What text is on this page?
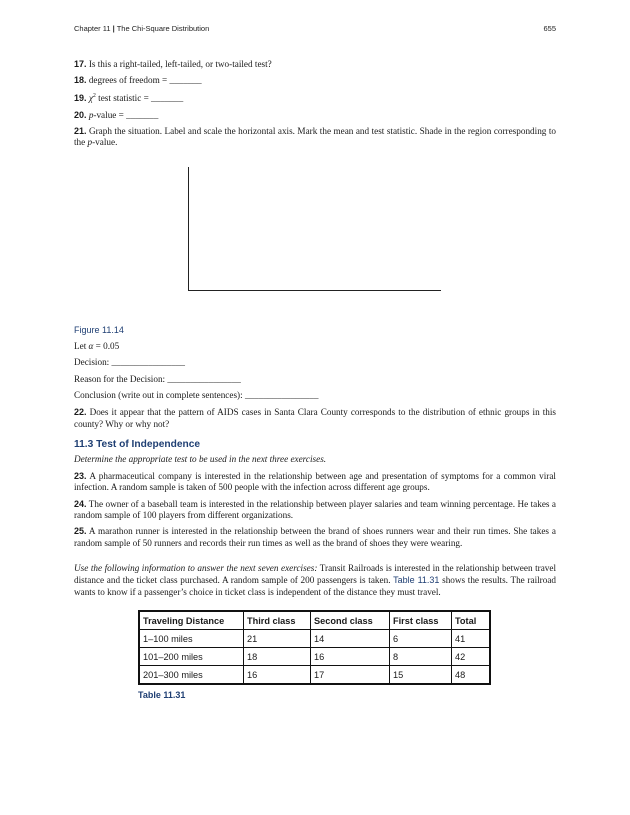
Chapter 11 | The Chi-Square Distribution	655

17. Is this a right-tailed, left-tailed, or two-tailed test?

18. degrees of freedom = _______

19. $\chi^2$ test statistic = _______

20. p-value = _______

21. Graph the situation. Label and scale the horizontal axis. Mark the mean and test statistic. Shade in the region corresponding to the p-value.

Figure 11.14

Let α = 0.05

Decision: ________________

Reason for the Decision: ________________

Conclusion (write out in complete sentences): ________________

22. Does it appear that the pattern of AIDS cases in Santa Clara County corresponds to the distribution of ethnic groups in this county? Why or why not?

11.3 Test of Independence

Determine the appropriate test to be used in the next three exercises.

23. A pharmaceutical company is interested in the relationship between age and presentation of symptoms for a common viral infection. A random sample is taken of 500 people with the infection across different age groups.

24. The owner of a baseball team is interested in the relationship between player salaries and team winning percentage. He takes a random sample of 100 players from different organizations.

25. A marathon runner is interested in the relationship between the brand of shoes runners wear and their run times. She takes a random sample of 50 runners and records their run times as well as the brand of shoes they were wearing.

Use the following information to answer the next seven exercises: Transit Railroads is interested in the relationship between travel distance and the ticket class purchased. A random sample of 200 passengers is taken. Table 11.31 shows the results. The railroad wants to know if a passenger’s choice in ticket class is independent of the distance they must travel.

Traveling Distance	Third class	Second class	First class	Total
1–100 miles	21	14	6	41
101–200 miles	18	16	8	42
201–300 miles	16	17	15	48
Table 11.31
